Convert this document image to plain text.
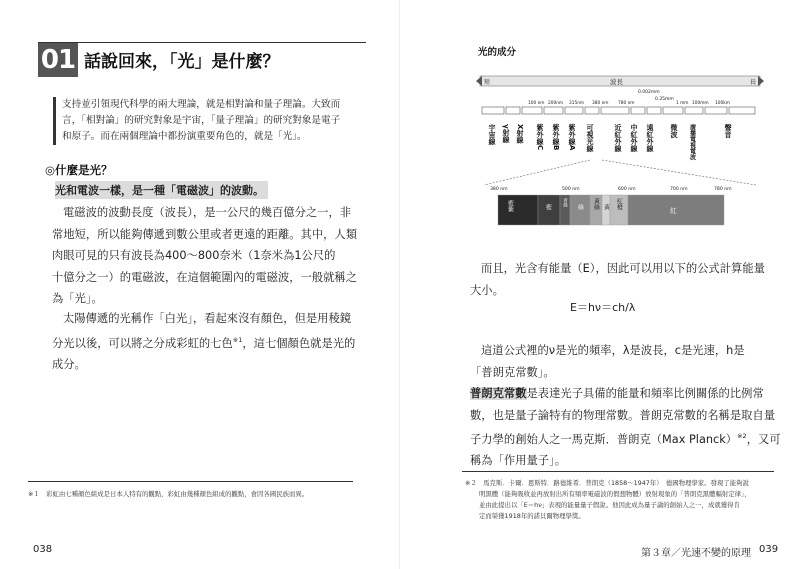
01 話說回來，「光」是什麼？
支持並引領現代科學的兩大理論，就是相對論和量子理論。大致而
言，「相對論」的研究對象是宇宙，「量子理論」的研究對象是電子
和原子。而在兩個理論中都扮演重要角色的，就是「光」。
◎什麼是光？
光和電波一樣，是一種「電磁波」的波動。
電磁波的波動長度（波長），是一公尺的幾百億分之一，非
常地短，所以能夠傳遞到數公里或者更遠的距離。其中，人類
肉眼可見的只有波長為400～800奈米（1奈米為1公尺的
十億分之一）的電磁波，在這個範圍內的電磁波，一般就稱之
為「光」。
太陽傳遞的光稱作「白光」，看起來沒有顏色，但是用稜鏡
分光以後，可以將之分成彩虹的七色$^{※1}$，這七個顏色就是光的
成分。
※１　彩虹由七種顏色組成是日本人特有的觀點，彩虹由幾種顏色組成的觀點，會因各國民族而異。
038
光的成分
短	波長	長
0.002mm
0.35mm
100 nm 200nm 315nm 380 nm 780 nm	1 mm 100mm 100km
宇宙線 γ射線 X射線 紫外線C 紫外線B 紫外線A 可視光線	近紅外線 中紅外線 遠紅外線 微波 廣播電視電波	聲音
380 nm	500 nm	600 nm	700 nm	780 nm
藍紫	藍 青綠 綠 黃綠 黃 紅橙
紅
而且，光含有能量（E），因此可以用以下的公式計算能量
大小。
E＝hν＝ch/λ
這道公式裡的ν是光的頻率，λ是波長，c是光速，h是
「普朗克常數」。
普朗克常數是表達光子具備的能量和頻率比例關係的比例常
數，也是量子論特有的物理常數。普朗克常數的名稱是取自量
子力學的創始人之一馬克斯．普朗克（Max Planck）$^{※2}$，又可
稱為「作用量子」。
※２　馬克斯．卡爾．恩斯特．路德維希．普朗克（1858～1947年）　德國物理學家。發現了能夠說
明黑體（能夠吸收並再放射出所有頻率電磁波的假想物體）放射現象的「普朗克黑體輻射定律」，
並由此提出以「E＝hν」表現的能量量子假說。他因此成為量子論的創始人之一，成就獲得肯
定而榮獲1918年的諾貝爾物理學獎。
第３章／光速不變的原理 039
